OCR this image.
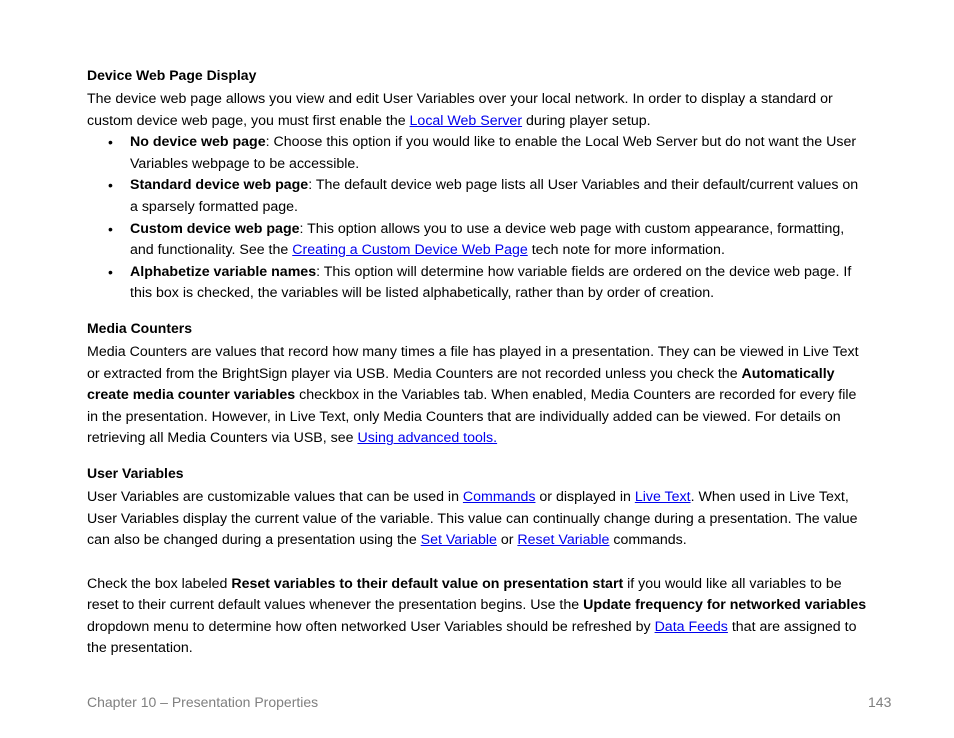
Device Web Page Display

The device web page allows you view and edit User Variables over your local network. In order to display a standard or custom device web page, you must first enable the Local Web Server during player setup.

• No device web page: Choose this option if you would like to enable the Local Web Server but do not want the User Variables webpage to be accessible.
• Standard device web page: The default device web page lists all User Variables and their default/current values on a sparsely formatted page.
• Custom device web page: This option allows you to use a device web page with custom appearance, formatting, and functionality. See the Creating a Custom Device Web Page tech note for more information.
• Alphabetize variable names: This option will determine how variable fields are ordered on the device web page. If this box is checked, the variables will be listed alphabetically, rather than by order of creation.
Media Counters

Media Counters are values that record how many times a file has played in a presentation. They can be viewed in Live Text or extracted from the BrightSign player via USB. Media Counters are not recorded unless you check the Automatically create media counter variables checkbox in the Variables tab. When enabled, Media Counters are recorded for every file in the presentation. However, in Live Text, only Media Counters that are individually added can be viewed. For details on retrieving all Media Counters via USB, see Using advanced tools.

User Variables

User Variables are customizable values that can be used in Commands or displayed in Live Text. When used in Live Text, User Variables display the current value of the variable. This value can continually change during a presentation. The value can also be changed during a presentation using the Set Variable or Reset Variable commands.

Check the box labeled Reset variables to their default value on presentation start if you would like all variables to be reset to their current default values whenever the presentation begins. Use the Update frequency for networked variables dropdown menu to determine how often networked User Variables should be refreshed by Data Feeds that are assigned to the presentation.

Chapter 10 – Presentation Properties	143
